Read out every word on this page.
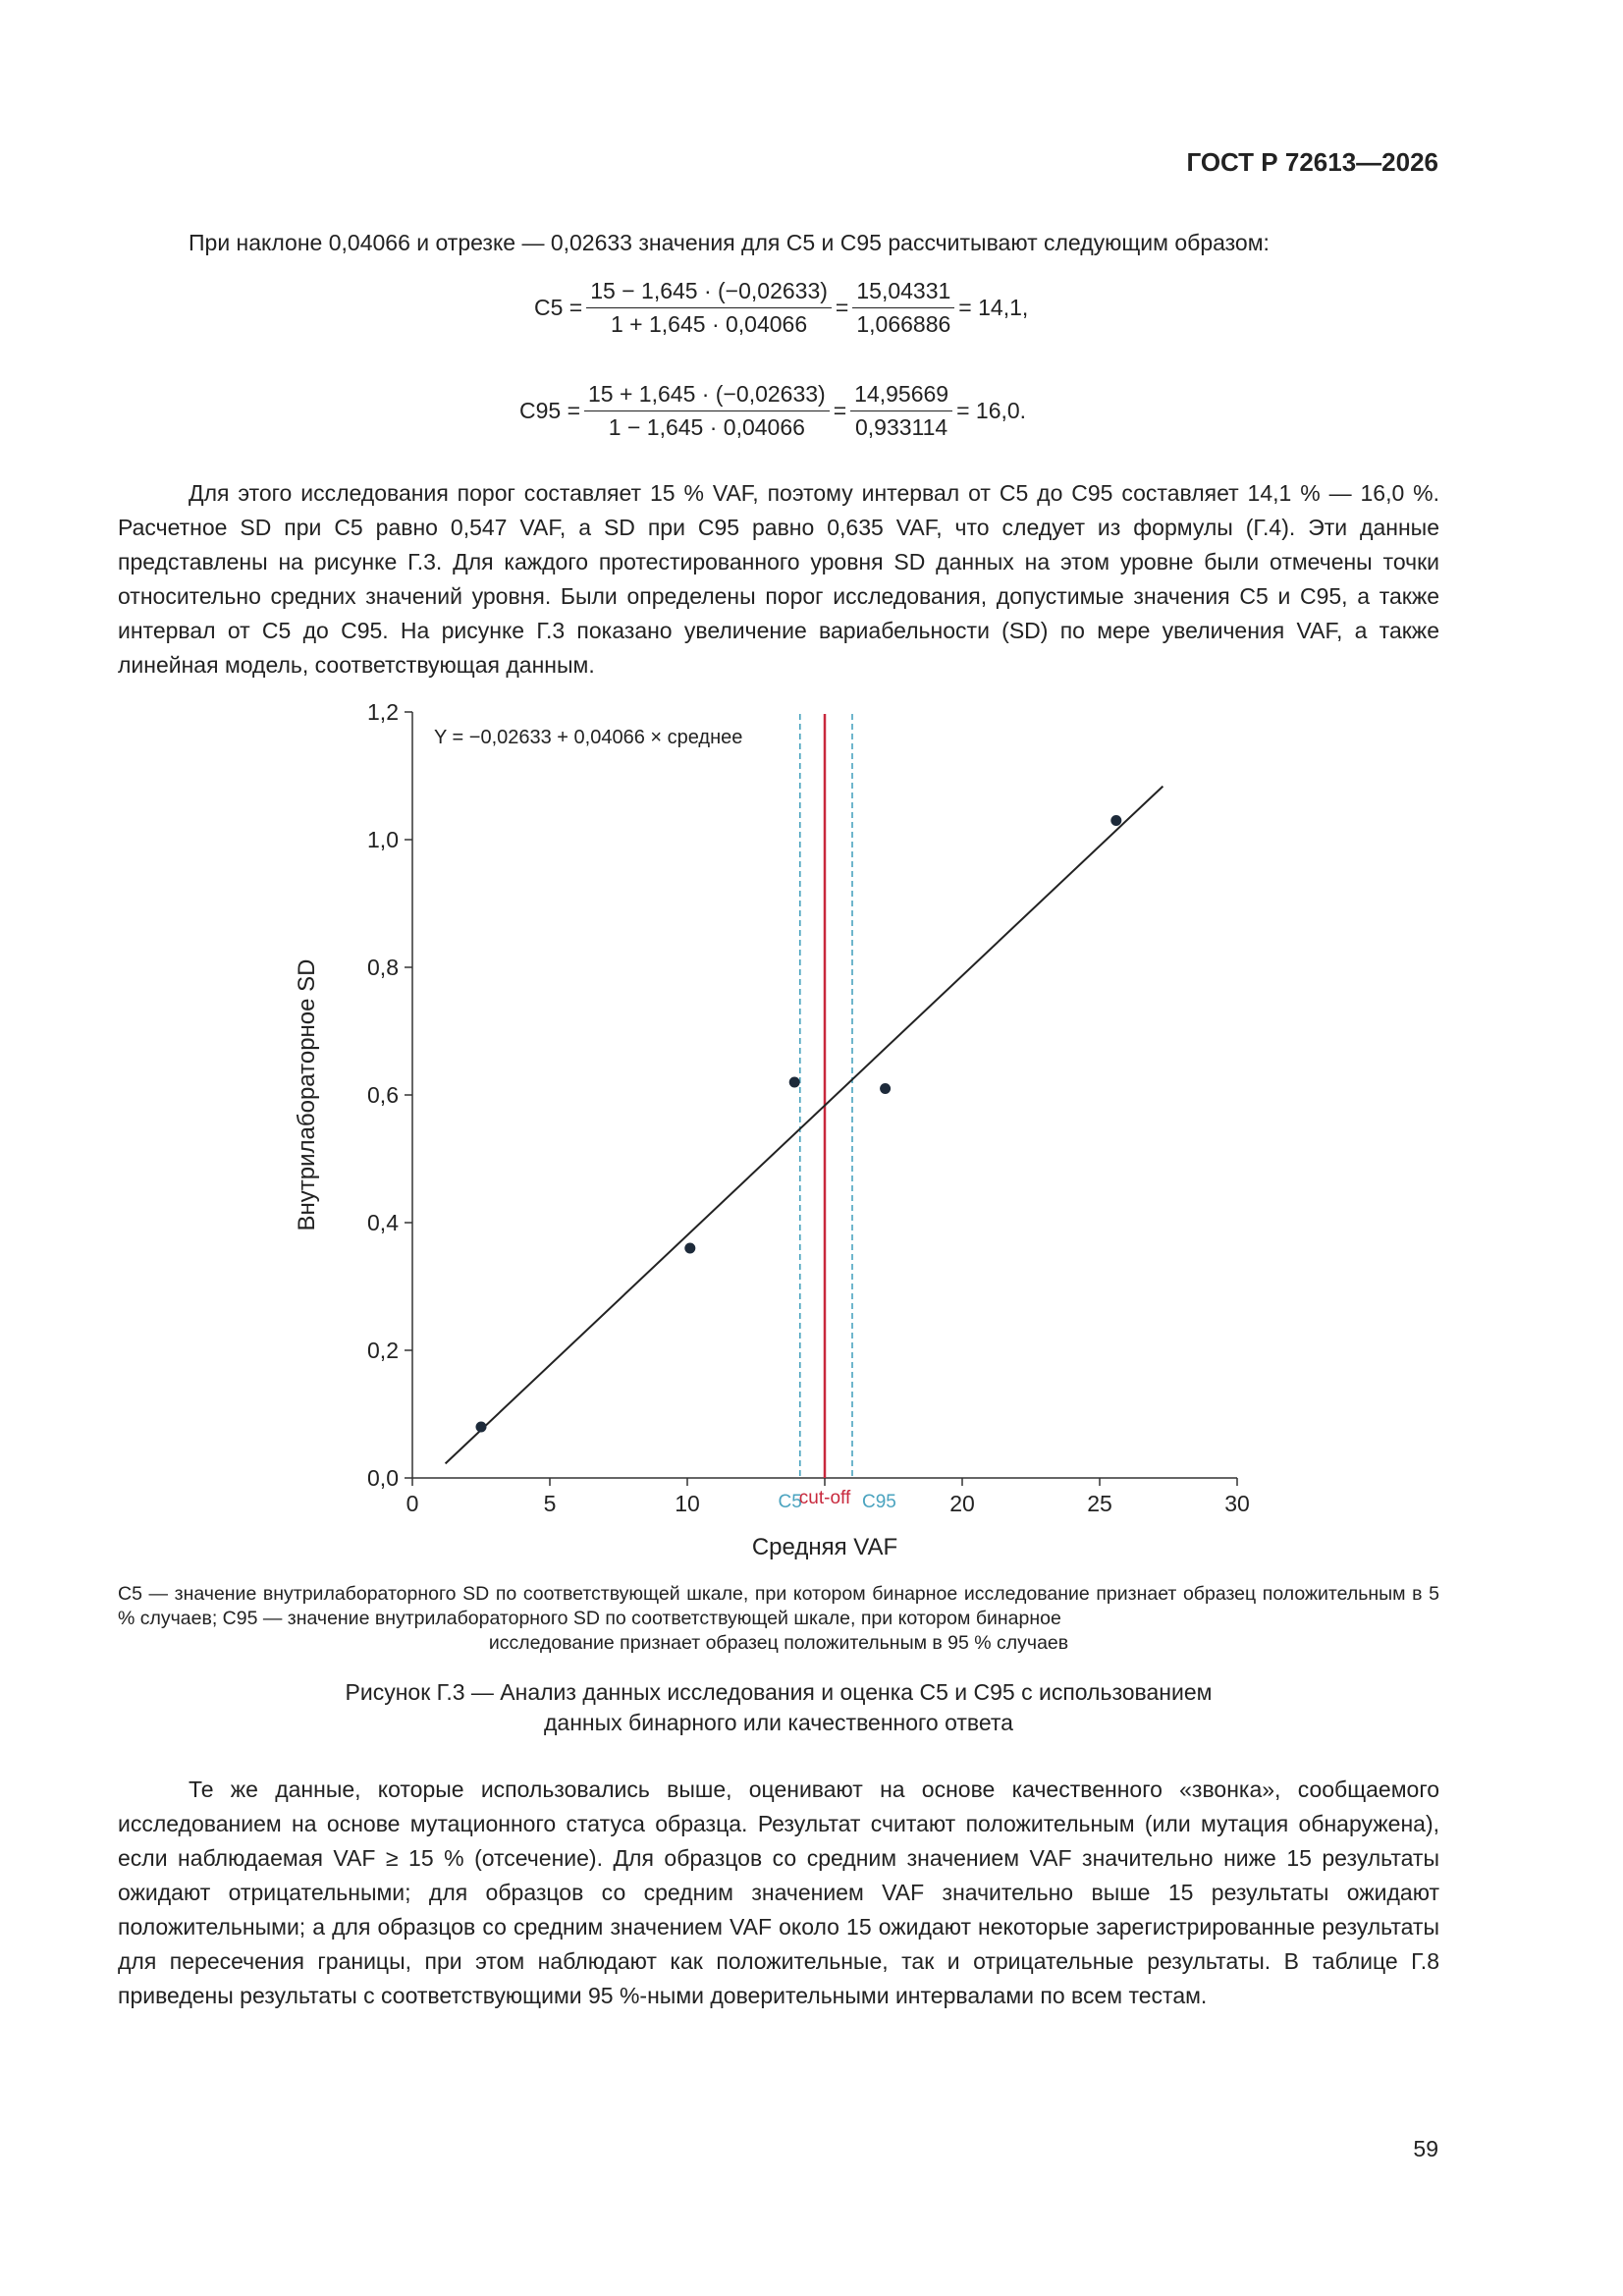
ГОСТ Р 72613—2026

При наклоне 0,04066 и отрезке — 0,02633 значения для С5 и С95 рассчитывают следующим образом:

$С5 = \frac{15 - 1,645 \cdot (-0,02633)}{1 + 1,645 \cdot 0,04066} = \frac{15,04331}{1,066886} = 14,1$,
$С95 = \frac{15 + 1,645 \cdot (-0,02633)}{1 - 1,645 \cdot 0,04066} = \frac{14,95669}{0,933114} = 16,0$.

Для этого исследования порог составляет 15 % VAF, поэтому интервал от С5 до С95 составляет 14,1 % — 16,0 %. Расчетное SD при С5 равно 0,547 VAF, а SD при С95 равно 0,635 VAF, что следует из формулы (Г.4). Эти данные представлены на рисунке Г.3. Для каждого протестированного уровня SD данных на этом уровне были отмечены точки относительно средних значений уровня. Были определены порог исследования, допустимые значения С5 и С95, а также интервал от С5 до С95. На рисунке Г.3 показано увеличение вариабельности (SD) по мере увеличения VAF, а также линейная модель, соответствующая данным.

0,0
0,2
0,4
0,6
0,8
1,0
1,2
0	5	10	20	25	30
С5
cut-off С95
Y = −0,02633 + 0,04066 × среднее
Средняя VAF
Внутрилабораторное SD

С5 — значение внутрилабораторного SD по соответствующей шкале, при котором бинарное исследование признает образец положительным в 5 % случаев; С95 — значение внутрилабораторного SD по соответствующей шкале, при котором бинарное
исследование признает образец положительным в 95 % случаев

Рисунок Г.3 — Анализ данных исследования и оценка С5 и С95 с использованием
данных бинарного или качественного ответа

Те же данные, которые использовались выше, оценивают на основе качественного «звонка», сообщаемого исследованием на основе мутационного статуса образца. Результат считают положительным (или мутация обнаружена), если наблюдаемая VAF ≥ 15 % (отсечение). Для образцов со средним значением VAF значительно ниже 15 результаты ожидают отрицательными; для образцов со средним значением VAF значительно выше 15 результаты ожидают положительными; а для образцов со средним значением VAF около 15 ожидают некоторые зарегистрированные результаты для пересечения границы, при этом наблюдают как положительные, так и отрицательные результаты. В таблице Г.8 приведены результаты с соответствующими 95 %-ными доверительными интервалами по всем тестам.

59
